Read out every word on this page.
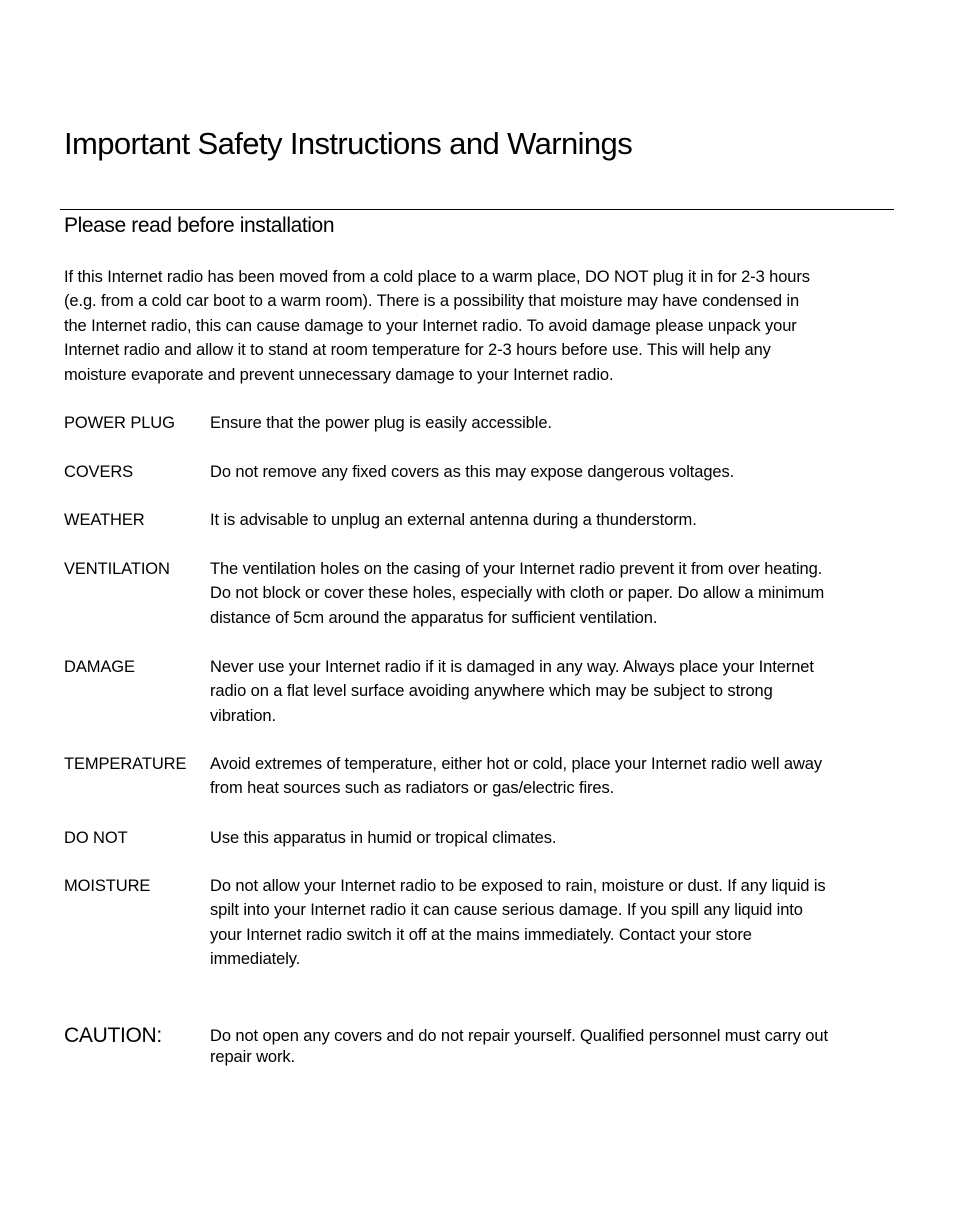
Important Safety Instructions and Warnings
Please read before installation

If this Internet radio has been moved from a cold place to a warm place, DO NOT plug it in for 2-3 hours
(e.g. from a cold car boot to a warm room). There is a possibility that moisture may have condensed in
the Internet radio, this can cause damage to your Internet radio. To avoid damage please unpack your
Internet radio and allow it to stand at room temperature for 2-3 hours before use. This will help any
moisture evaporate and prevent unnecessary damage to your Internet radio.

POWER PLUG Ensure that the power plug is easily accessible.
COVERS	Do not remove any fixed covers as this may expose dangerous voltages.
WEATHER	It is advisable to unplug an external antenna during a thunderstorm.
VENTILATION The ventilation holes on the casing of your Internet radio prevent it from over heating.
Do not block or cover these holes, especially with cloth or paper. Do allow a minimum
distance of 5cm around the apparatus for sufficient ventilation.
DAMAGE	Never use your Internet radio if it is damaged in any way. Always place your Internet
radio on a flat level surface avoiding anywhere which may be subject to strong
vibration.
TEMPERATURE Avoid extremes of temperature, either hot or cold, place your Internet radio well away
from heat sources such as radiators or gas/electric fires.
DO NOT	Use this apparatus in humid or tropical climates.
MOISTURE	Do not allow your Internet radio to be exposed to rain, moisture or dust. If any liquid is
spilt into your Internet radio it can cause serious damage. If you spill any liquid into
your Internet radio switch it off at the mains immediately. Contact your store
immediately.
CAUTION:	Do not open any covers and do not repair yourself. Qualified personnel must carry out
repair work.
